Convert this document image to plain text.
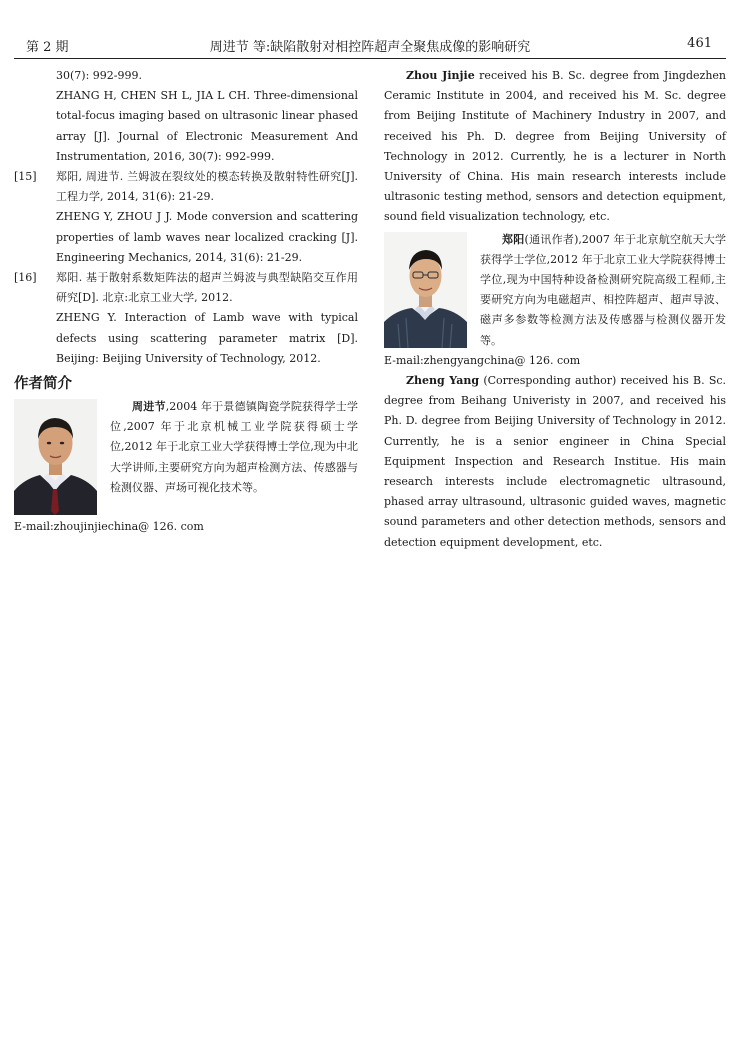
第 2 期	周进节 等:缺陷散射对相控阵超声全聚焦成像的影响研究	461

30(7): 992-999.

ZHANG H, CHEN SH L, JIA L CH. Three-dimensional total-focus imaging based on ultrasonic linear phased array [J]. Journal of Electronic Measurement And Instrumentation, 2016, 30(7): 992-999.

[15] 郑阳, 周进节. 兰姆波在裂纹处的模态转换及散射特性研究[J]. 工程力学, 2014, 31(6): 21-29.

ZHENG Y, ZHOU J J. Mode conversion and scattering properties of lamb waves near localized cracking [J]. Engineering Mechanics, 2014, 31(6): 21-29.

[16] 郑阳. 基于散射系数矩阵法的超声兰姆波与典型缺陷交互作用研究[D]. 北京:北京工业大学, 2012.

ZHENG Y. Interaction of Lamb wave with typical defects using scattering parameter matrix [D]. Beijing: Beijing University of Technology, 2012.

作者简介

周进节,2004 年于景德镇陶瓷学院获得学士学位,2007 年于北京机械工业学院获得硕士学位,2012 年于北京工业大学获得博士学位,现为中北大学讲师,主要研究方向为超声检测方法、传感器与检测仪器、声场可视化技术等。

E-mail:zhoujinjiechina@ 126. com

Zhou Jinjie received his B. Sc. degree from Jingdezhen Ceramic Institute in 2004, and received his M. Sc. degree from Beijing Institute of Machinery Industry in 2007, and received his Ph. D. degree from Beijing University of Technology in 2012. Currently, he is a lecturer in North University of China. His main research interests include ultrasonic testing method, sensors and detection equipment, sound field visualization technology, etc.

郑阳(通讯作者),2007 年于北京航空航天大学获得学士学位,2012 年于北京工业大学院获得博士学位,现为中国特种设备检测研究院高级工程师,主要研究方向为电磁超声、相控阵超声、超声导波、磁声多参数等检测方法及传感器与检测仪器开发等。

E-mail:zhengyangchina@ 126. com

Zheng Yang (Corresponding author) received his B. Sc. degree from Beihang Univeristy in 2007, and received his Ph. D. degree from Beijing University of Technology in 2012. Currently, he is a senior engineer in China Special Equipment Inspection and Research Institue. His main research interests include electromagnetic ultrasound, phased array ultrasound, ultrasonic guided waves, magnetic sound parameters and other detection methods, sensors and detection equipment development, etc.
